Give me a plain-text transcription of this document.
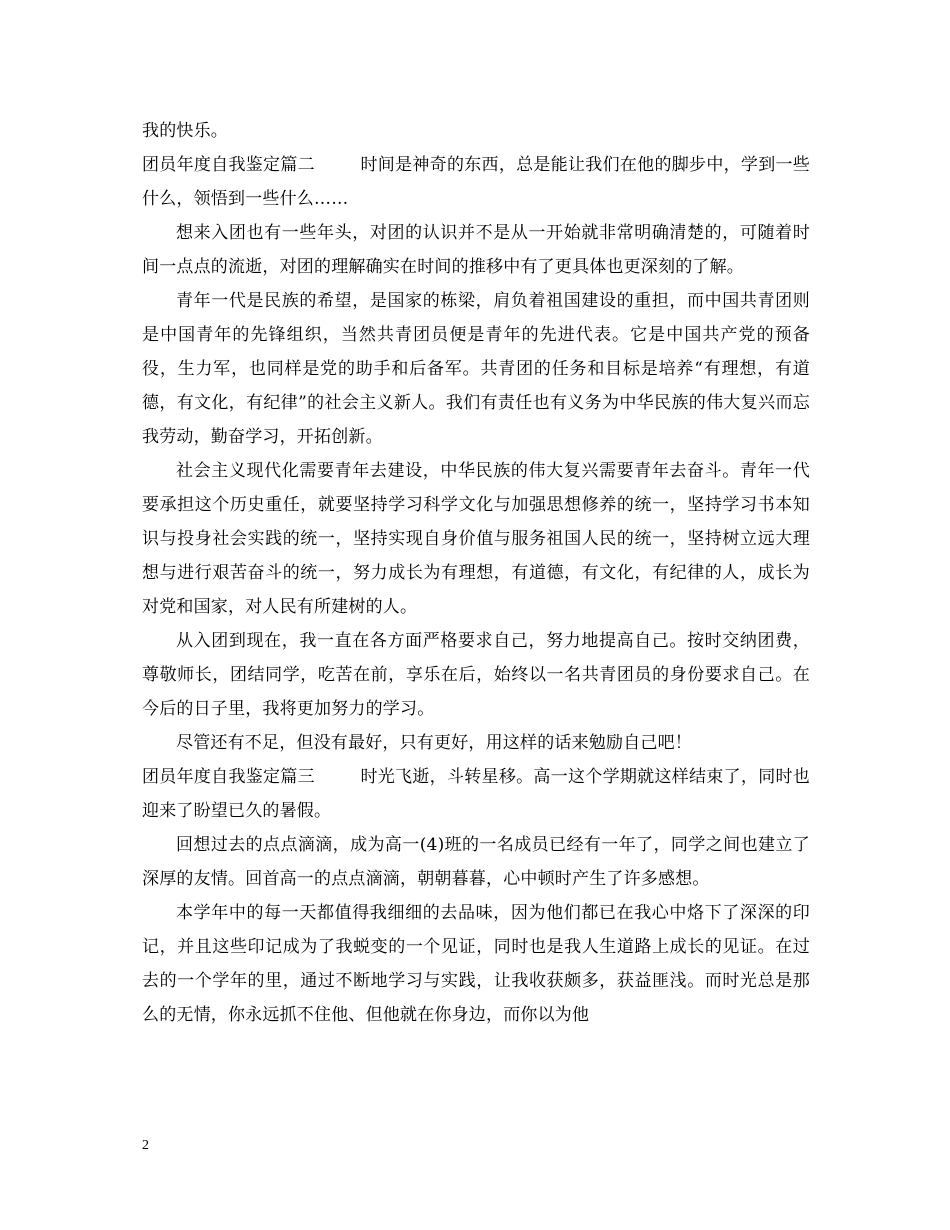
我的快乐。

团员年度自我鉴定篇二	时间是神奇的东西，总是能让我们在他的脚步中，学到一些什么，领悟到一些什么……

想来入团也有一些年头，对团的认识并不是从一开始就非常明确清楚的，可随着时间一点点的流逝，对团的理解确实在时间的推移中有了更具体也更深刻的了解。

青年一代是民族的希望，是国家的栋梁，肩负着祖国建设的重担，而中国共青团则是中国青年的先锋组织，当然共青团员便是青年的先进代表。它是中国共产党的预备役，生力军，也同样是党的助手和后备军。共青团的任务和目标是培养“有理想，有道德，有文化，有纪律”的社会主义新人。我们有责任也有义务为中华民族的伟大复兴而忘我劳动，勤奋学习，开拓创新。

社会主义现代化需要青年去建设，中华民族的伟大复兴需要青年去奋斗。青年一代要承担这个历史重任，就要坚持学习科学文化与加强思想修养的统一，坚持学习书本知识与投身社会实践的统一，坚持实现自身价值与服务祖国人民的统一，坚持树立远大理想与进行艰苦奋斗的统一，努力成长为有理想，有道德，有文化，有纪律的人，成长为对党和国家，对人民有所建树的人。

从入团到现在，我一直在各方面严格要求自己，努力地提高自己。按时交纳团费，尊敬师长，团结同学，吃苦在前，享乐在后，始终以一名共青团员的身份要求自己。在今后的日子里，我将更加努力的学习。

尽管还有不足，但没有最好，只有更好，用这样的话来勉励自己吧！

团员年度自我鉴定篇三	时光飞逝，斗转星移。高一这个学期就这样结束了，同时也迎来了盼望已久的暑假。

回想过去的点点滴滴，成为高一(4)班的一名成员已经有一年了，同学之间也建立了深厚的友情。回首高一的点点滴滴，朝朝暮暮，心中顿时产生了许多感想。

本学年中的每一天都值得我细细的去品味，因为他们都已在我心中烙下了深深的印记，并且这些印记成为了我蜕变的一个见证，同时也是我人生道路上成长的见证。在过去的一个学年的里，通过不断地学习与实践，让我收获颇多，获益匪浅。而时光总是那么的无情，你永远抓不住他、但他就在你身边，而你以为他

2
